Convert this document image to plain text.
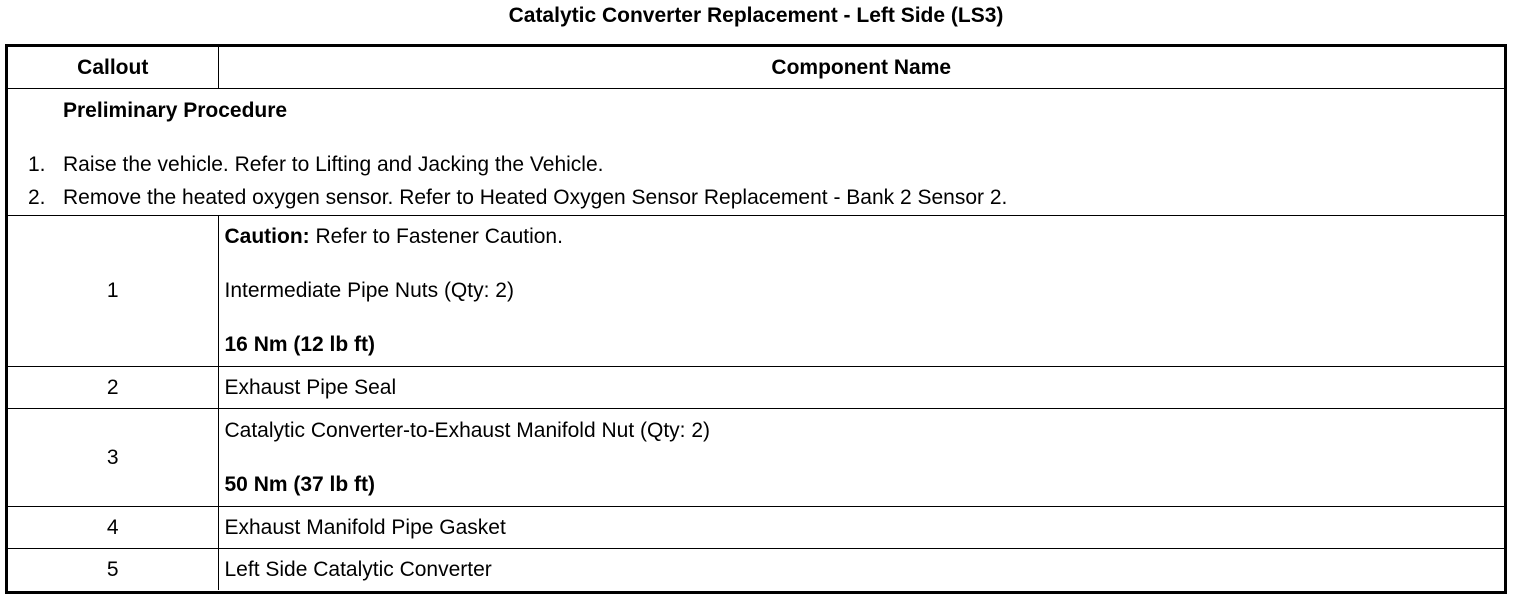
Catalytic Converter Replacement - Left Side (LS3)
Callout	Component Name

Preliminary Procedure
1. Raise the vehicle. Refer to Lifting and Jacking the Vehicle.
2. Remove the heated oxygen sensor. Refer to Heated Oxygen Sensor Replacement - Bank 2 Sensor 2.	

1	Caution: Refer to Fastener Caution.

Intermediate Pipe Nuts (Qty: 2)

16 Nm (12 lb ft)

2	Exhaust Pipe Seal
3	Catalytic Converter-to-Exhaust Manifold Nut (Qty: 2)

50 Nm (37 lb ft)

4	Exhaust Manifold Pipe Gasket
5	Left Side Catalytic Converter
